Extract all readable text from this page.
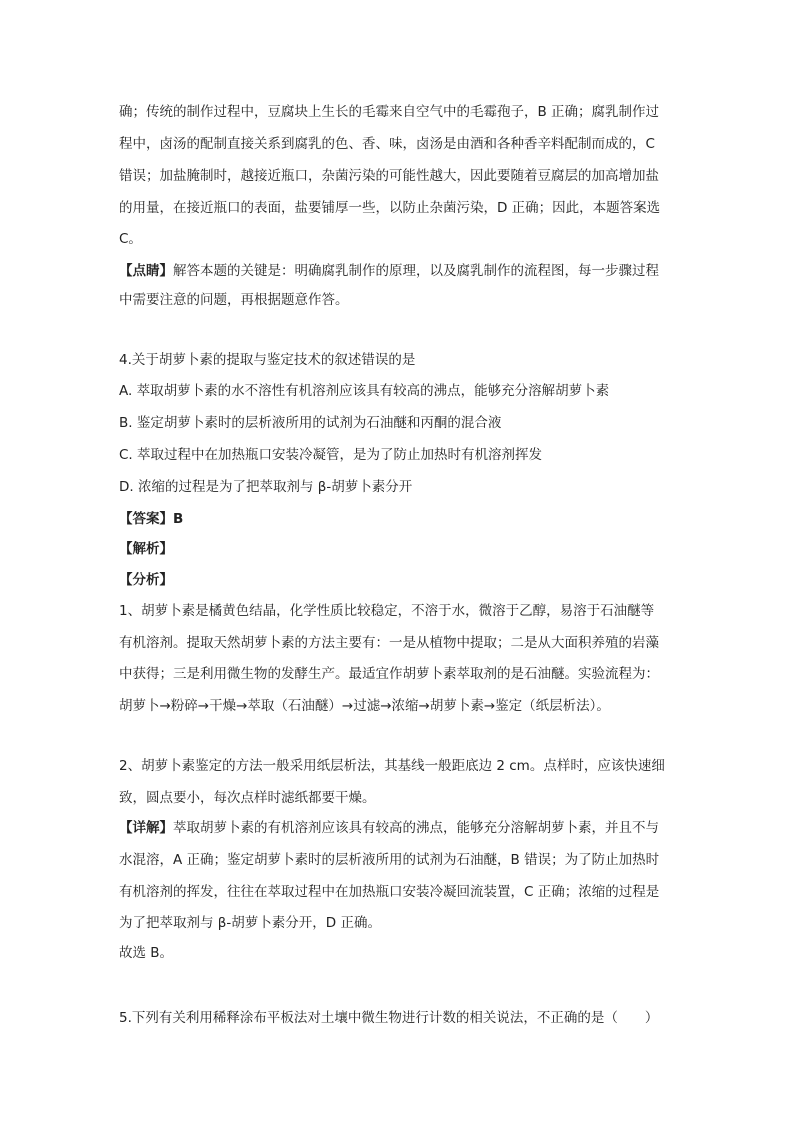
确；传统的制作过程中，豆腐块上生长的毛霉来自空气中的毛霉孢子，B 正确；腐乳制作过
程中，卤汤的配制直接关系到腐乳的色、香、味，卤汤是由酒和各种香辛料配制而成的，C
错误；加盐腌制时，越接近瓶口，杂菌污染的可能性越大，因此要随着豆腐层的加高增加盐
的用量，在接近瓶口的表面，盐要铺厚一些，以防止杂菌污染，D 正确；因此，本题答案选
C。
【点睛】解答本题的关键是：明确腐乳制作的原理，以及腐乳制作的流程图，每一步骤过程
中需要注意的问题，再根据题意作答。
4.关于胡萝卜素的提取与鉴定技术的叙述错误的是
A. 萃取胡萝卜素的水不溶性有机溶剂应该具有较高的沸点，能够充分溶解胡萝卜素
B. 鉴定胡萝卜素时的层析液所用的试剂为石油醚和丙酮的混合液
C. 萃取过程中在加热瓶口安装冷凝管，是为了防止加热时有机溶剂挥发
D. 浓缩的过程是为了把萃取剂与 β-胡萝卜素分开
【答案】B
【解析】
【分析】
1、胡萝卜素是橘黄色结晶，化学性质比较稳定，不溶于水，微溶于乙醇，易溶于石油醚等
有机溶剂。提取天然胡萝卜素的方法主要有：一是从植物中提取；二是从大面积养殖的岩藻
中获得；三是利用微生物的发酵生产。最适宜作胡萝卜素萃取剂的是石油醚。实验流程为：
胡萝卜→粉碎→干燥→萃取（石油醚）→过滤→浓缩→胡萝卜素→鉴定（纸层析法）。
2、胡萝卜素鉴定的方法一般采用纸层析法，其基线一般距底边 2 cm。点样时，应该快速细
致，圆点要小，每次点样时滤纸都要干燥。
【详解】萃取胡萝卜素的有机溶剂应该具有较高的沸点，能够充分溶解胡萝卜素，并且不与
水混溶，A 正确；鉴定胡萝卜素时的层析液所用的试剂为石油醚，B 错误；为了防止加热时
有机溶剂的挥发，往往在萃取过程中在加热瓶口安装冷凝回流装置，C 正确；浓缩的过程是
为了把萃取剂与 β-胡萝卜素分开，D 正确。
故选 B。
5.下列有关利用稀释涂布平板法对土壤中微生物进行计数的相关说法，不正确的是（　　）
